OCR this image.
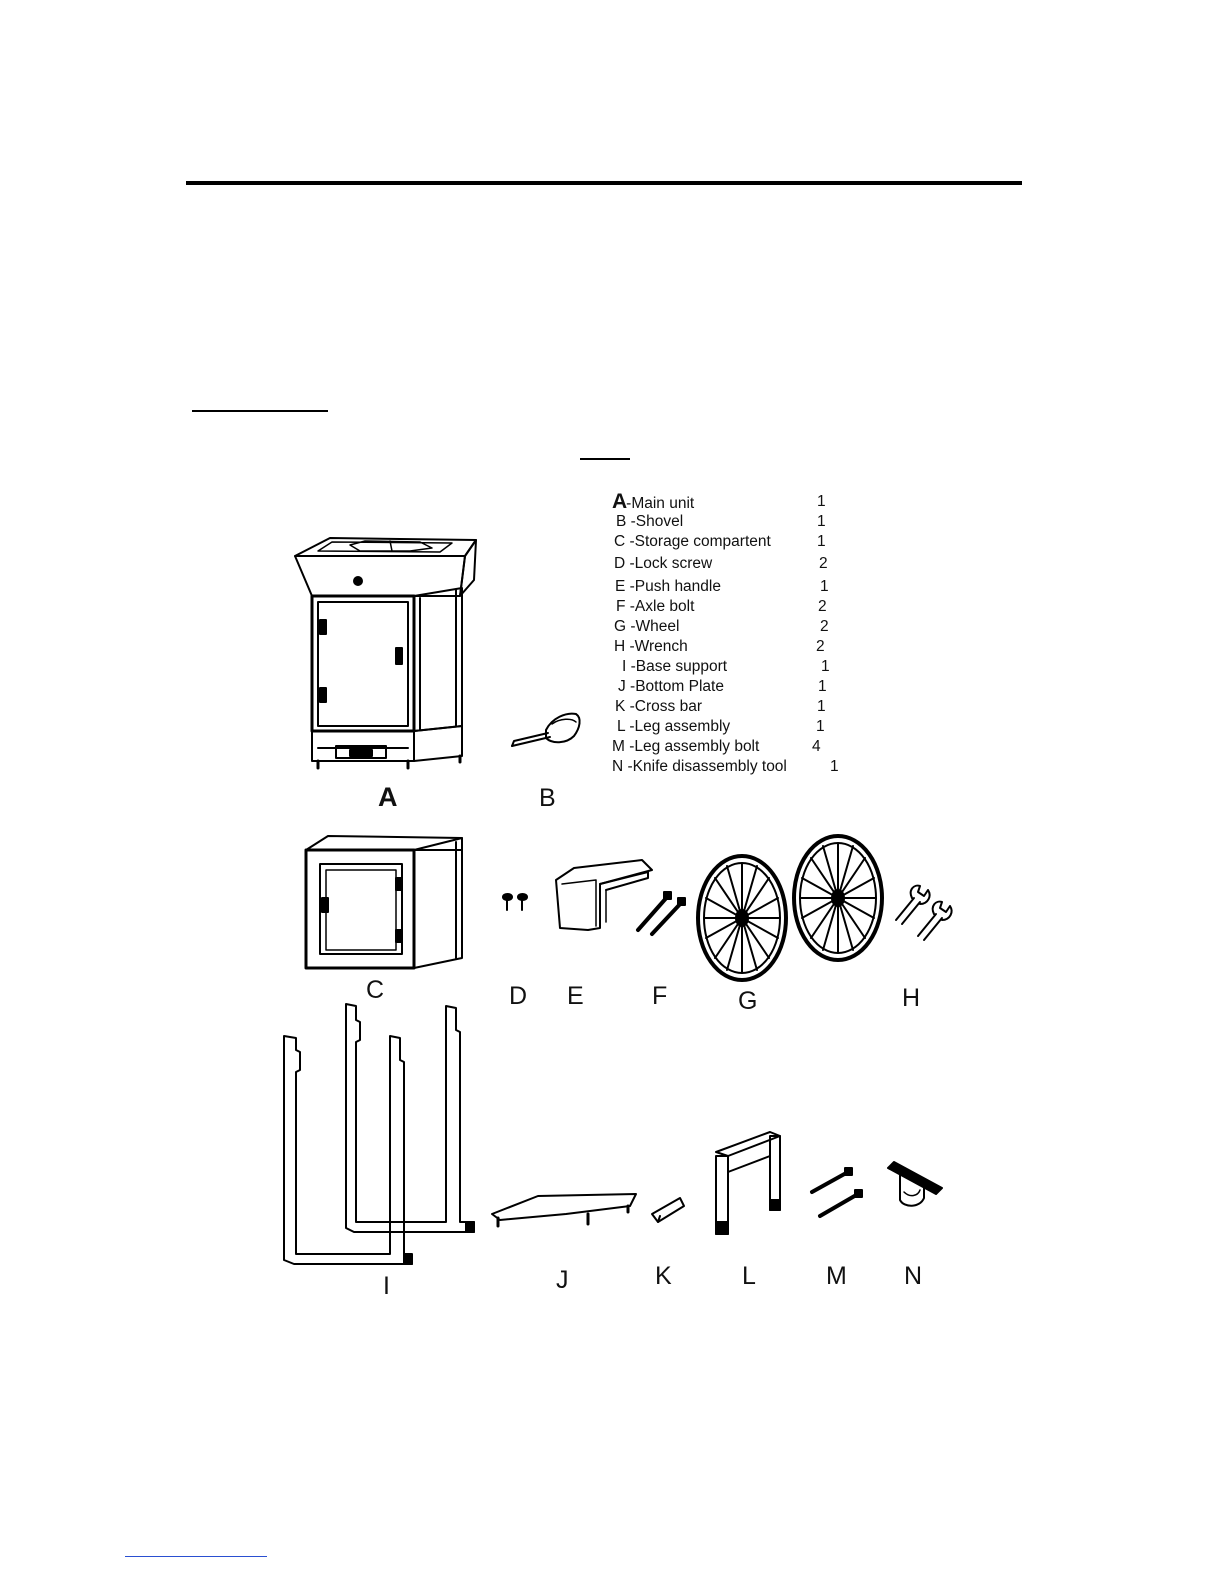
A-Main unit	1
B -Shovel	1
C -Storage compartent	1
D -Lock screw	2
E -Push handle	1
F -Axle bolt	2
G -Wheel	2
H -Wrench	2
I -Base support	1
J -Bottom Plate	1
K -Cross bar	1
L -Leg assembly	1
M -Leg assembly bolt	4
N -Knife disassembly tool	1
A	B
C	D E	F	G	H
I	J	K	L	M N
